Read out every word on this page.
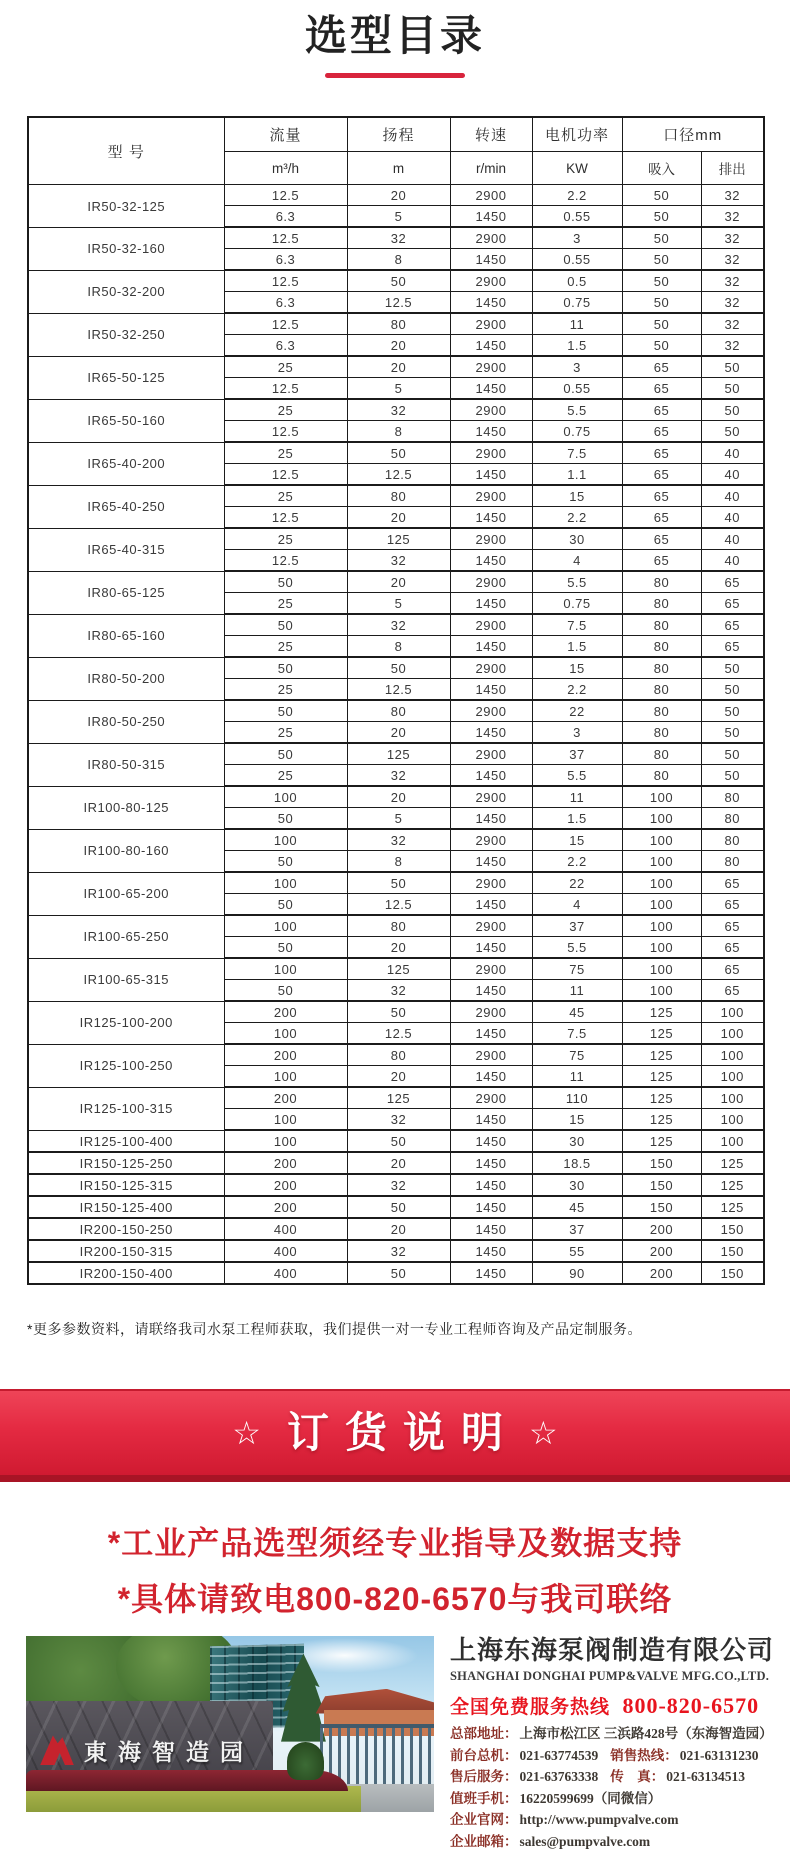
选型目录
型 号	流量	扬程	转速	电机功率	口径mm	
	m³/h	m	r/min	KW	吸入	排出
IR50-32-125	12.5	20	2900	2.2	50	32
	6.3	5	1450	0.55	50	32
IR50-32-160	12.5	32	2900	3	50	32
	6.3	8	1450	0.55	50	32
IR50-32-200	12.5	50	2900	0.5	50	32
	6.3	12.5	1450	0.75	50	32
IR50-32-250	12.5	80	2900	11	50	32
	6.3	20	1450	1.5	50	32
IR65-50-125	25	20	2900	3	65	50
	12.5	5	1450	0.55	65	50
IR65-50-160	25	32	2900	5.5	65	50
	12.5	8	1450	0.75	65	50
IR65-40-200	25	50	2900	7.5	65	40
	12.5	12.5	1450	1.1	65	40
IR65-40-250	25	80	2900	15	65	40
	12.5	20	1450	2.2	65	40
IR65-40-315	25	125	2900	30	65	40
	12.5	32	1450	4	65	40
IR80-65-125	50	20	2900	5.5	80	65
	25	5	1450	0.75	80	65
IR80-65-160	50	32	2900	7.5	80	65
	25	8	1450	1.5	80	65
IR80-50-200	50	50	2900	15	80	50
	25	12.5	1450	2.2	80	50
IR80-50-250	50	80	2900	22	80	50
	25	20	1450	3	80	50
IR80-50-315	50	125	2900	37	80	50
	25	32	1450	5.5	80	50
IR100-80-125	100	20	2900	11	100	80
	50	5	1450	1.5	100	80
IR100-80-160	100	32	2900	15	100	80
	50	8	1450	2.2	100	80
IR100-65-200	100	50	2900	22	100	65
	50	12.5	1450	4	100	65
IR100-65-250	100	80	2900	37	100	65
	50	20	1450	5.5	100	65
IR100-65-315	100	125	2900	75	100	65
	50	32	1450	11	100	65
IR125-100-200	200	50	2900	45	125	100
	100	12.5	1450	7.5	125	100
IR125-100-250	200	80	2900	75	125	100
	100	20	1450	11	125	100
IR125-100-315	200	125	2900	110	125	100
	100	32	1450	15	125	100
IR125-100-400	100	50	1450	30	125	100
IR150-125-250	200	20	1450	18.5	150	125
IR150-125-315	200	32	1450	30	150	125
IR150-125-400	200	50	1450	45	150	125
IR200-150-250	400	20	1450	37	200	150
IR200-150-315	400	32	1450	55	200	150
IR200-150-400	400	50	1450	90	200	150
*更多参数资料，请联络我司水泵工程师获取，我们提供一对一专业工程师咨询及产品定制服务。
☆ 订货说明 ☆
*工业产品选型须经专业指导及数据支持
*具体请致电800-820-6570与我司联络
東海智造园
上海东海泵阀制造有限公司
SHANGHAI DONGHAI PUMP&VALVE MFG.CO.,LTD.
全国免费服务热线 800-820-6570
总部地址： 上海市松江区 三浜路428号（东海智造园）
前台总机： 021-63774539 销售热线： 021-63131230
售后服务： 021-63763338 传　真： 021-63134513
值班手机： 16220599699（同微信）
企业官网： http://www.pumpvalve.com
企业邮箱： sales@pumpvalve.com
